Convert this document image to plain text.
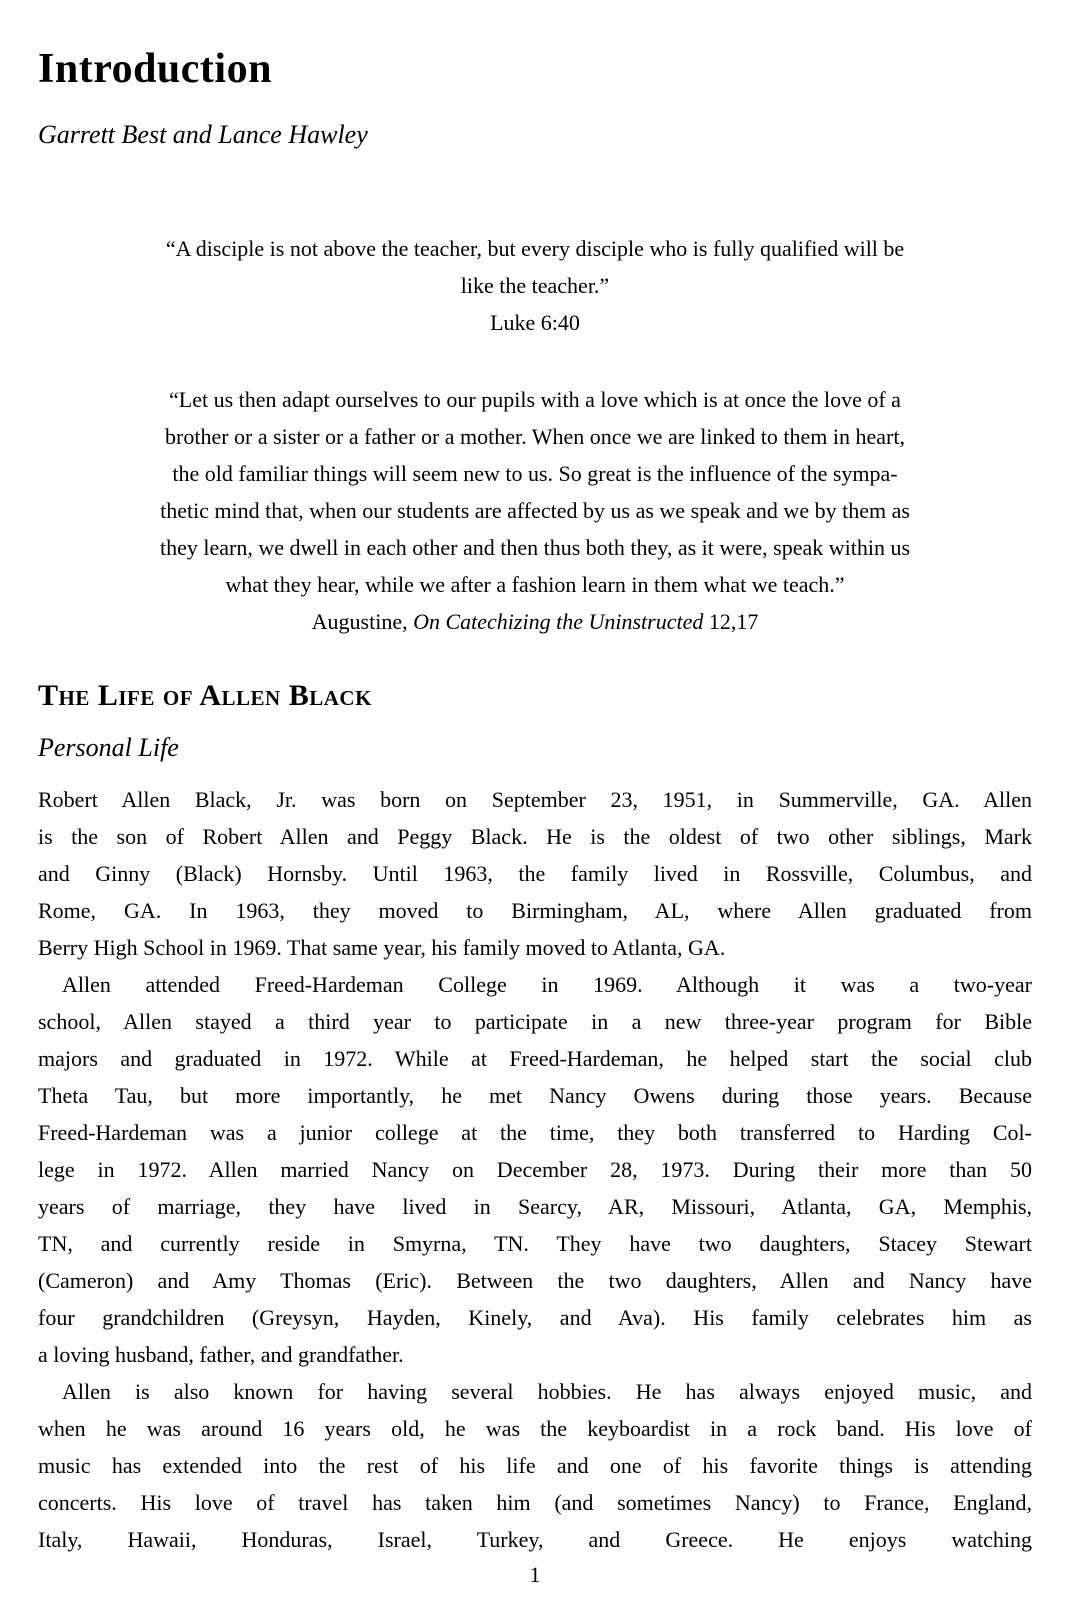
Introduction
Garrett Best and Lance Hawley
“A disciple is not above the teacher, but every disciple who is fully qualified will be
like the teacher.”
Luke 6:40
“Let us then adapt ourselves to our pupils with a love which is at once the love of a
brother or a sister or a father or a mother. When once we are linked to them in heart,
the old familiar things will seem new to us. So great is the influence of the sympa-
thetic mind that, when our students are affected by us as we speak and we by them as
they learn, we dwell in each other and then thus both they, as it were, speak within us
what they hear, while we after a fashion learn in them what we teach.”
Augustine, On Catechizing the Uninstructed 12,17
The Life of Allen Black
Personal Life
Robert Allen Black, Jr. was born on September 23, 1951, in Summerville, GA. Allen
is the son of Robert Allen and Peggy Black. He is the oldest of two other siblings, Mark
and Ginny (Black) Hornsby. Until 1963, the family lived in Rossville, Columbus, and
Rome, GA. In 1963, they moved to Birmingham, AL, where Allen graduated from
Berry High School in 1969. That same year, his family moved to Atlanta, GA.
Allen attended Freed-Hardeman College in 1969. Although it was a two-year
school, Allen stayed a third year to participate in a new three-year program for Bible
majors and graduated in 1972. While at Freed-Hardeman, he helped start the social club
Theta Tau, but more importantly, he met Nancy Owens during those years. Because
Freed-Hardeman was a junior college at the time, they both transferred to Harding Col-
lege in 1972. Allen married Nancy on December 28, 1973. During their more than 50
years of marriage, they have lived in Searcy, AR, Missouri, Atlanta, GA, Memphis,
TN, and currently reside in Smyrna, TN. They have two daughters, Stacey Stewart
(Cameron) and Amy Thomas (Eric). Between the two daughters, Allen and Nancy have
four grandchildren (Greysyn, Hayden, Kinely, and Ava). His family celebrates him as
a loving husband, father, and grandfather.
Allen is also known for having several hobbies. He has always enjoyed music, and
when he was around 16 years old, he was the keyboardist in a rock band. His love of
music has extended into the rest of his life and one of his favorite things is attending
concerts. His love of travel has taken him (and sometimes Nancy) to France, England,
Italy, Hawaii, Honduras, Israel, Turkey, and Greece. He enjoys watching
1
